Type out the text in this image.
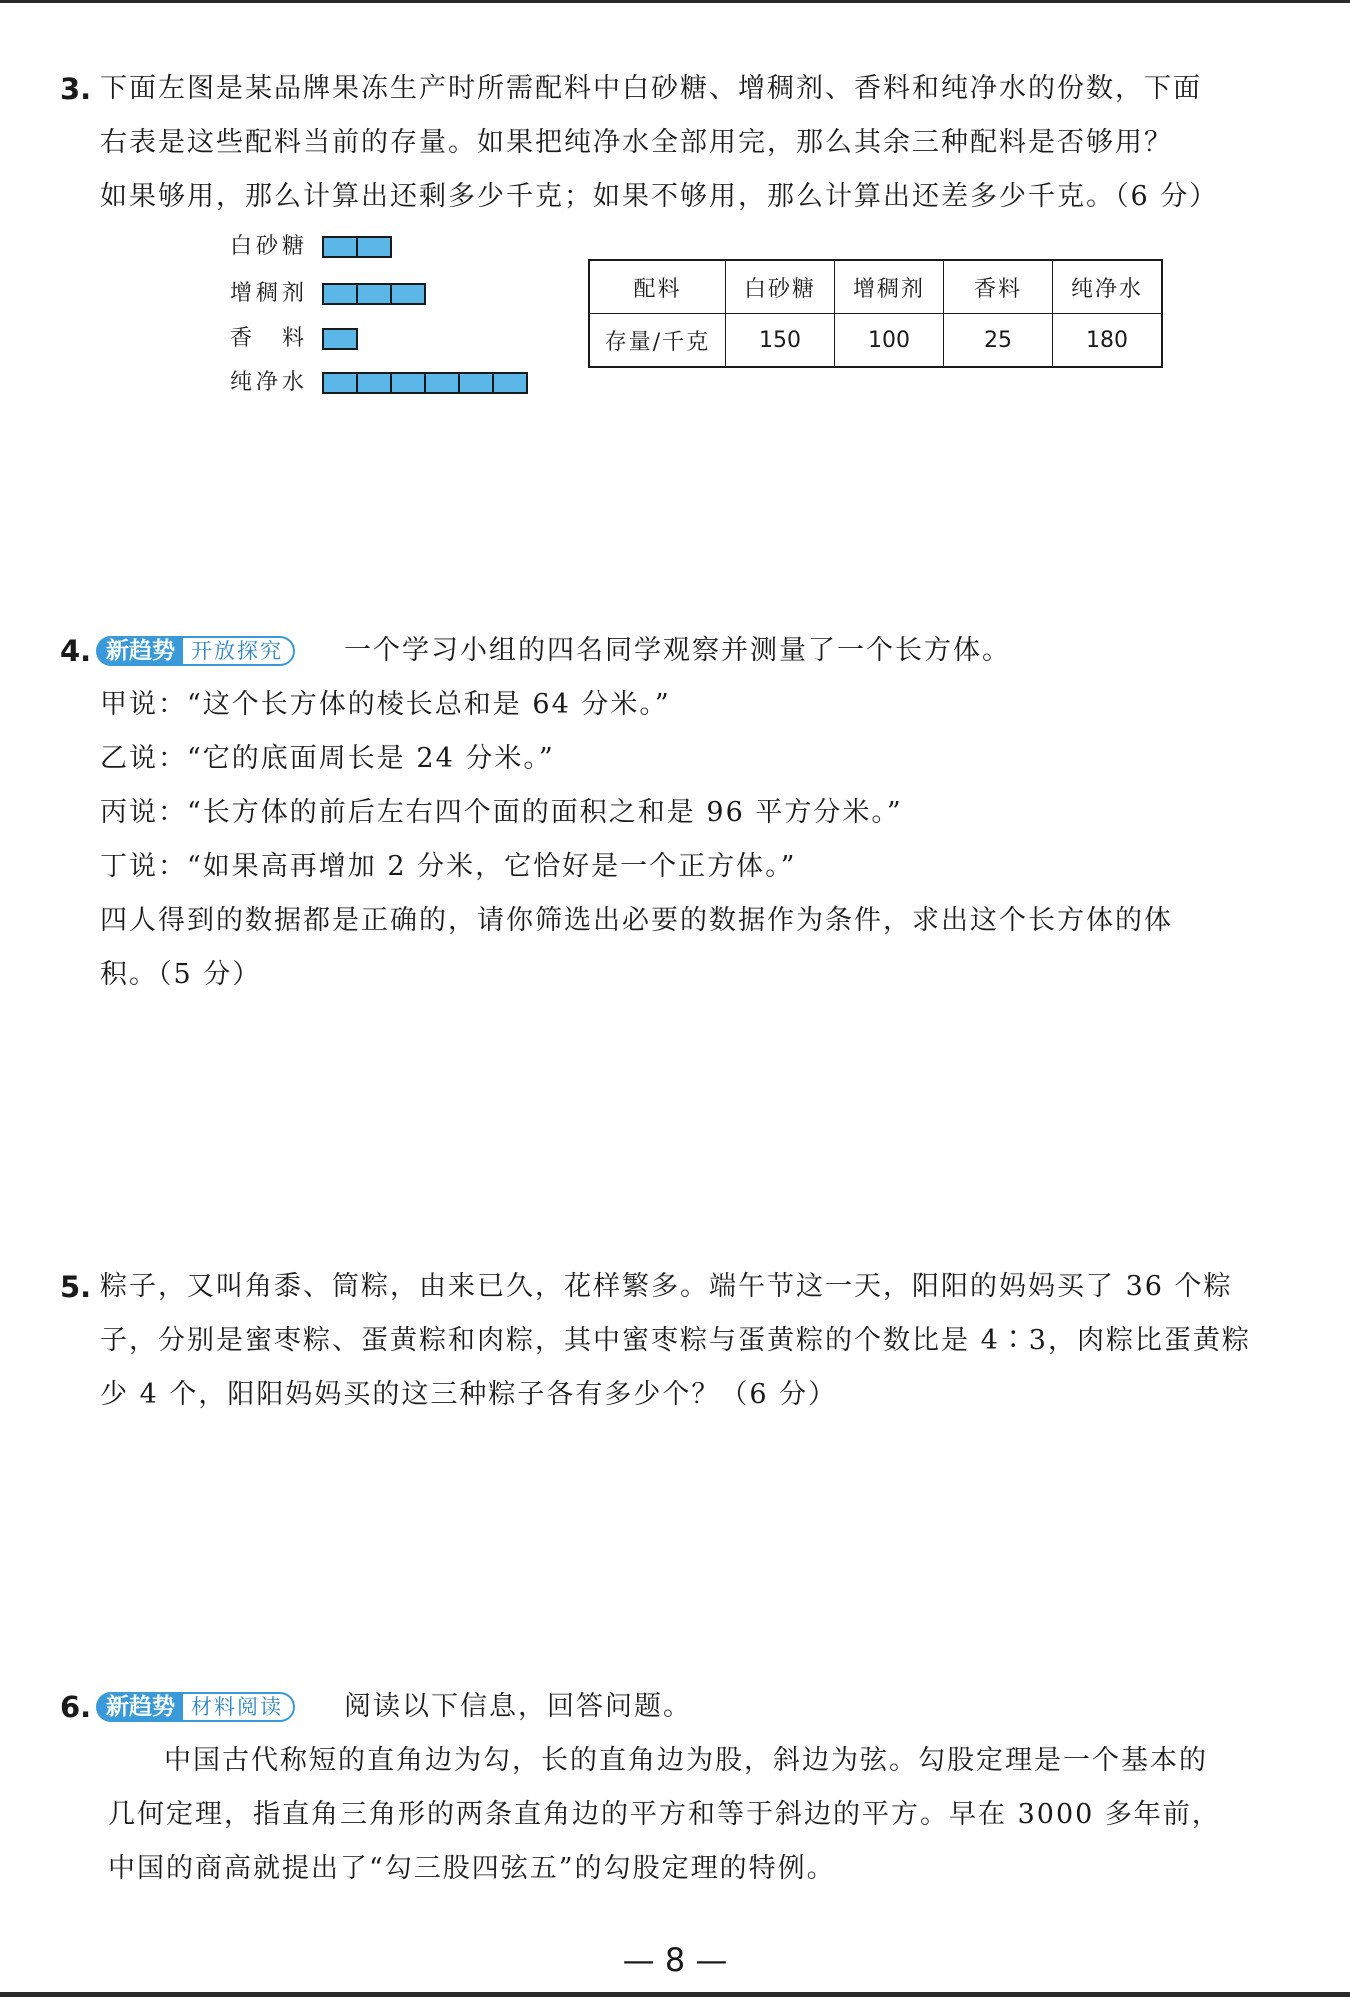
3. 下面左图是某品牌果冻生产时所需配料中白砂糖、增稠剂、香料和纯净水的份数，下面
右表是这些配料当前的存量。如果把纯净水全部用完，那么其余三种配料是否够用？
如果够用，那么计算出还剩多少千克；如果不够用，那么计算出还差多少千克。（6 分）
白砂糖
增稠剂
香　料
纯净水
配料	白砂糖	增稠剂	香料	纯净水
存量/千克	150	100	25	180
4. 新趋势 开放探究	一个学习小组的四名同学观察并测量了一个长方体。
甲说：“这个长方体的棱长总和是 64 分米。”
乙说：“它的底面周长是 24 分米。”
丙说：“长方体的前后左右四个面的面积之和是 96 平方分米。”
丁说：“如果高再增加 2 分米，它恰好是一个正方体。”
四人得到的数据都是正确的，请你筛选出必要的数据作为条件，求出这个长方体的体
积。（5 分）
5. 粽子，又叫角黍、筒粽，由来已久，花样繁多。端午节这一天，阳阳的妈妈买了 36 个粽
子，分别是蜜枣粽、蛋黄粽和肉粽，其中蜜枣粽与蛋黄粽的个数比是 4∶3，肉粽比蛋黄粽
少 4 个，阳阳妈妈买的这三种粽子各有多少个？（6 分）
6. 新趋势 材料阅读	阅读以下信息，回答问题。
中国古代称短的直角边为勾，长的直角边为股，斜边为弦。勾股定理是一个基本的
几何定理，指直角三角形的两条直角边的平方和等于斜边的平方。早在 3000 多年前，
中国的商高就提出了“勾三股四弦五”的勾股定理的特例。
— 8 —
